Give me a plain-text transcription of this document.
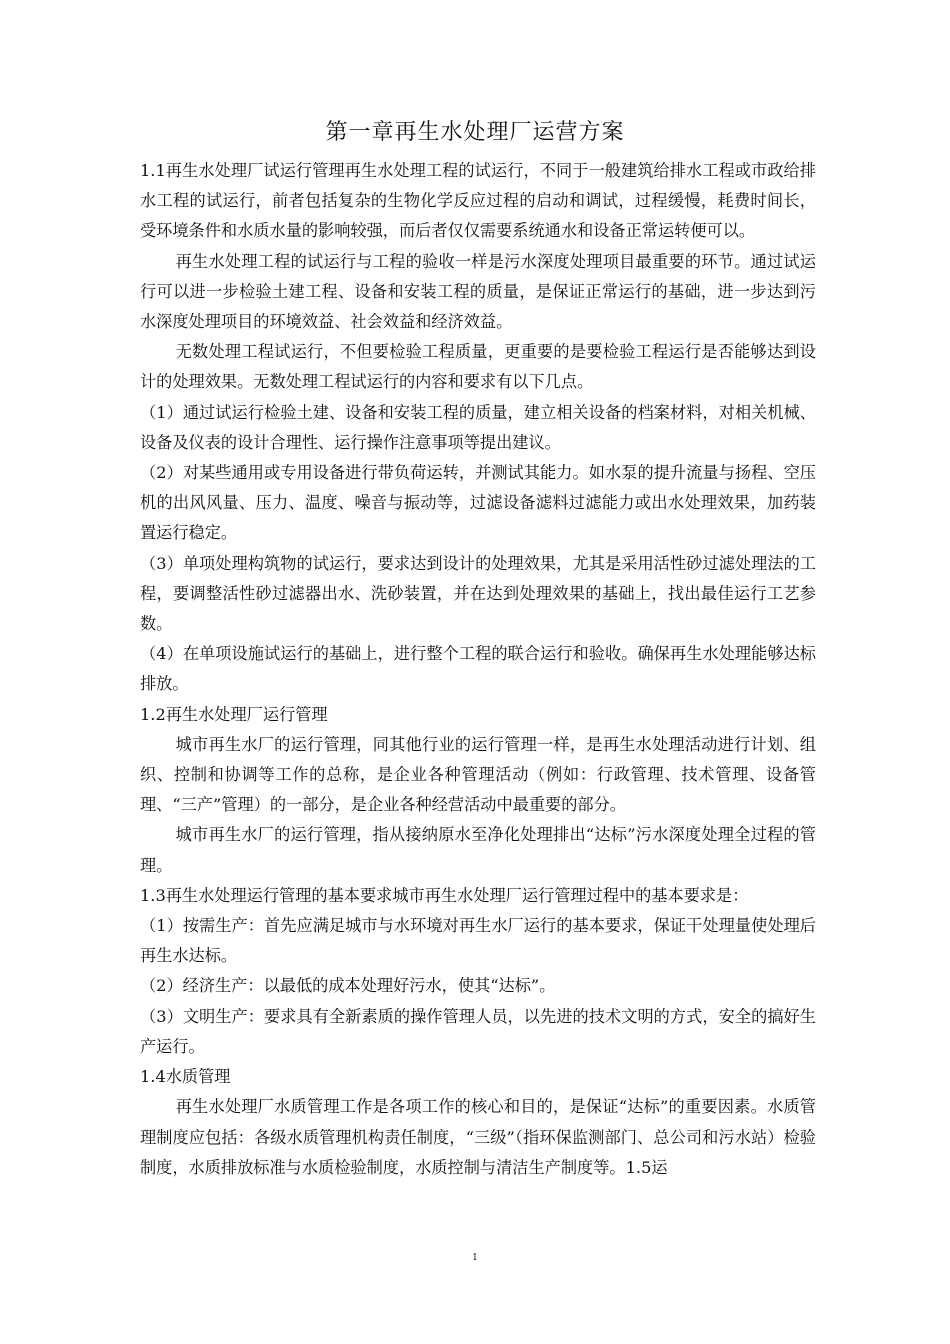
第一章再生水处理厂运营方案

1.1再生水处理厂试运行管理再生水处理工程的试运行，不同于一般建筑给排水工程或市政给排水工程的试运行，前者包括复杂的生物化学反应过程的启动和调试，过程缓慢，耗费时间长，受环境条件和水质水量的影响较强，而后者仅仅需要系统通水和设备正常运转便可以。

再生水处理工程的试运行与工程的验收一样是污水深度处理项目最重要的环节。通过试运行可以进一步检验土建工程、设备和安装工程的质量，是保证正常运行的基础，进一步达到污水深度处理项目的环境效益、社会效益和经济效益。

无数处理工程试运行，不但要检验工程质量，更重要的是要检验工程运行是否能够达到设计的处理效果。无数处理工程试运行的内容和要求有以下几点。

（1）通过试运行检验土建、设备和安装工程的质量，建立相关设备的档案材料，对相关机械、设备及仪表的设计合理性、运行操作注意事项等提出建议。

（2）对某些通用或专用设备进行带负荷运转，并测试其能力。如水泵的提升流量与扬程、空压机的出风风量、压力、温度、噪音与振动等，过滤设备滤料过滤能力或出水处理效果，加药装置运行稳定。

（3）单项处理构筑物的试运行，要求达到设计的处理效果，尤其是采用活性砂过滤处理法的工程，要调整活性砂过滤器出水、洗砂装置，并在达到处理效果的基础上，找出最佳运行工艺参数。

（4）在单项设施试运行的基础上，进行整个工程的联合运行和验收。确保再生水处理能够达标排放。

1.2再生水处理厂运行管理

城市再生水厂的运行管理，同其他行业的运行管理一样，是再生水处理活动进行计划、组织、控制和协调等工作的总称，是企业各种管理活动（例如：行政管理、技术管理、设备管理、“三产”管理）的一部分，是企业各种经营活动中最重要的部分。

城市再生水厂的运行管理，指从接纳原水至净化处理排出“达标”污水深度处理全过程的管理。

1.3再生水处理运行管理的基本要求城市再生水处理厂运行管理过程中的基本要求是：

（1）按需生产：首先应满足城市与水环境对再生水厂运行的基本要求，保证干处理量使处理后再生水达标。

（2）经济生产：以最低的成本处理好污水，使其“达标”。

（3）文明生产：要求具有全新素质的操作管理人员，以先进的技术文明的方式，安全的搞好生产运行。

1.4水质管理

再生水处理厂水质管理工作是各项工作的核心和目的，是保证“达标”的重要因素。水质管理制度应包括：各级水质管理机构责任制度，“三级”（指环保监测部门、总公司和污水站）检验制度，水质排放标准与水质检验制度，水质控制与清洁生产制度等。1.5运

1
